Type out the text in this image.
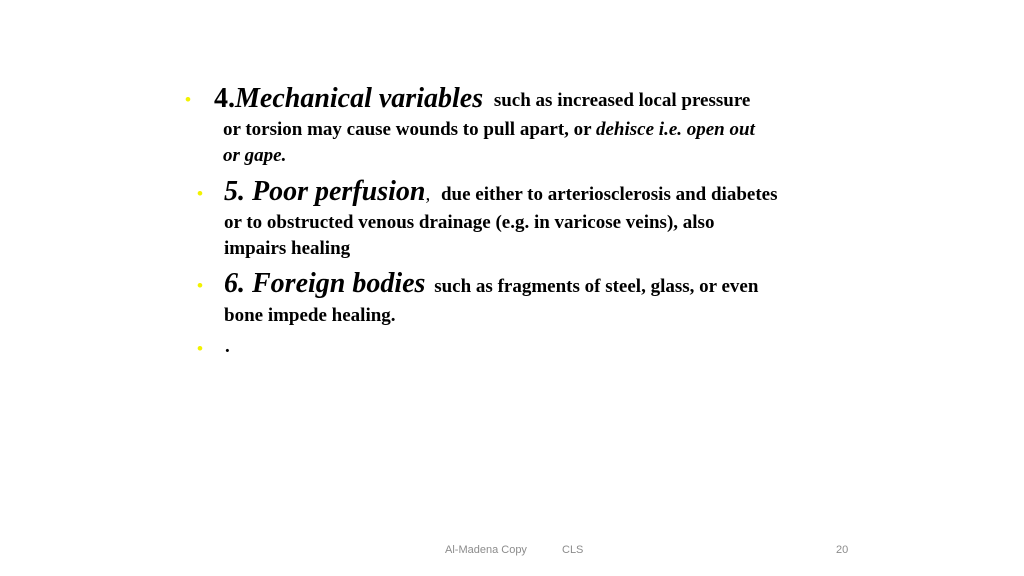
• 4.Mechanical variables such as increased local pressure
or torsion may cause wounds to pull apart, or dehisce i.e. open out
or gape.
• 5. Poor perfusion, due either to arteriosclerosis and diabetes
or to obstructed venous drainage (e.g. in varicose veins), also
impairs healing
• 6. Foreign bodies such as fragments of steel, glass, or even
bone impede healing.
• .
Al-Madena Copy	CLS	20
